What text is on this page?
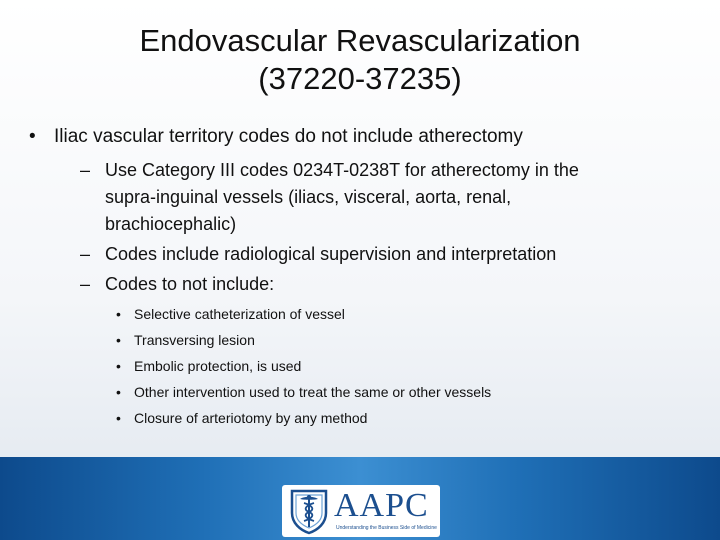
Endovascular Revascularization
(37220-37235)
• Iliac vascular territory codes do not include atherectomy
– Use Category III codes 0234T-0238T for atherectomy in the
supra-inguinal vessels (iliacs, visceral, aorta, renal,
brachiocephalic)
– Codes include radiological supervision and interpretation
– Codes to not include:
• Selective catheterization of vessel
• Transversing lesion
• Embolic protection, is used
• Other intervention used to treat the same or other vessels
• Closure of arteriotomy by any method
AAPC
Understanding the Business Side of Medicine
